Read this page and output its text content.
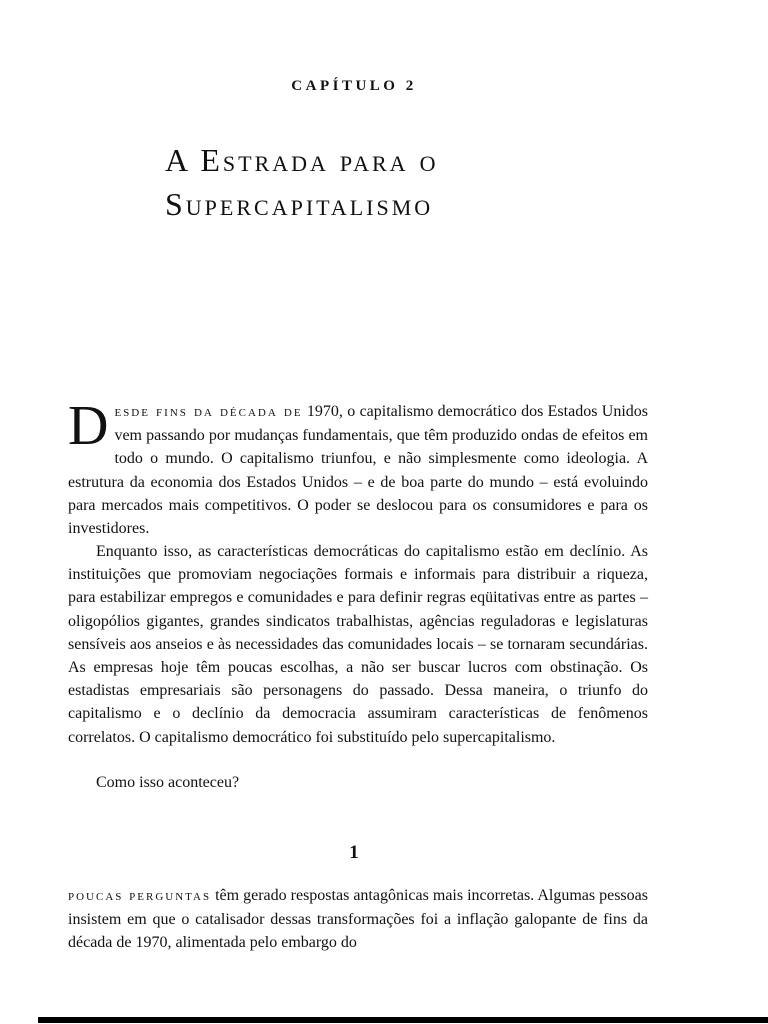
CAPÍTULO 2
A Estrada para o
Supercapitalismo

Desde fins da década de 1970, o capitalismo democrático dos Estados Unidos vem passando por mudanças fundamentais, que têm produzido ondas de efeitos em todo o mundo. O capitalismo triunfou, e não simplesmente como ideologia. A estrutura da economia dos Estados Unidos – e de boa parte do mundo – está evoluindo para mercados mais competitivos. O poder se deslocou para os consumidores e para os investidores.

Enquanto isso, as características democráticas do capitalismo estão em declínio. As instituições que promoviam negociações formais e informais para distribuir a riqueza, para estabilizar empregos e comunidades e para definir regras eqüitativas entre as partes – oligopólios gigantes, grandes sindicatos trabalhistas, agências reguladoras e legislaturas sensíveis aos anseios e às necessidades das comunidades locais – se tornaram secundárias. As empresas hoje têm poucas escolhas, a não ser buscar lucros com obstinação. Os estadistas empresariais são personagens do passado. Dessa maneira, o triunfo do capitalismo e o declínio da democracia assumiram características de fenômenos correlatos. O capitalismo democrático foi substituído pelo supercapitalismo.

Como isso aconteceu?

1

poucas perguntas têm gerado respostas antagônicas mais incorretas. Algumas pessoas insistem em que o catalisador dessas transformações foi a inflação galopante de fins da década de 1970, alimentada pelo embargo do
